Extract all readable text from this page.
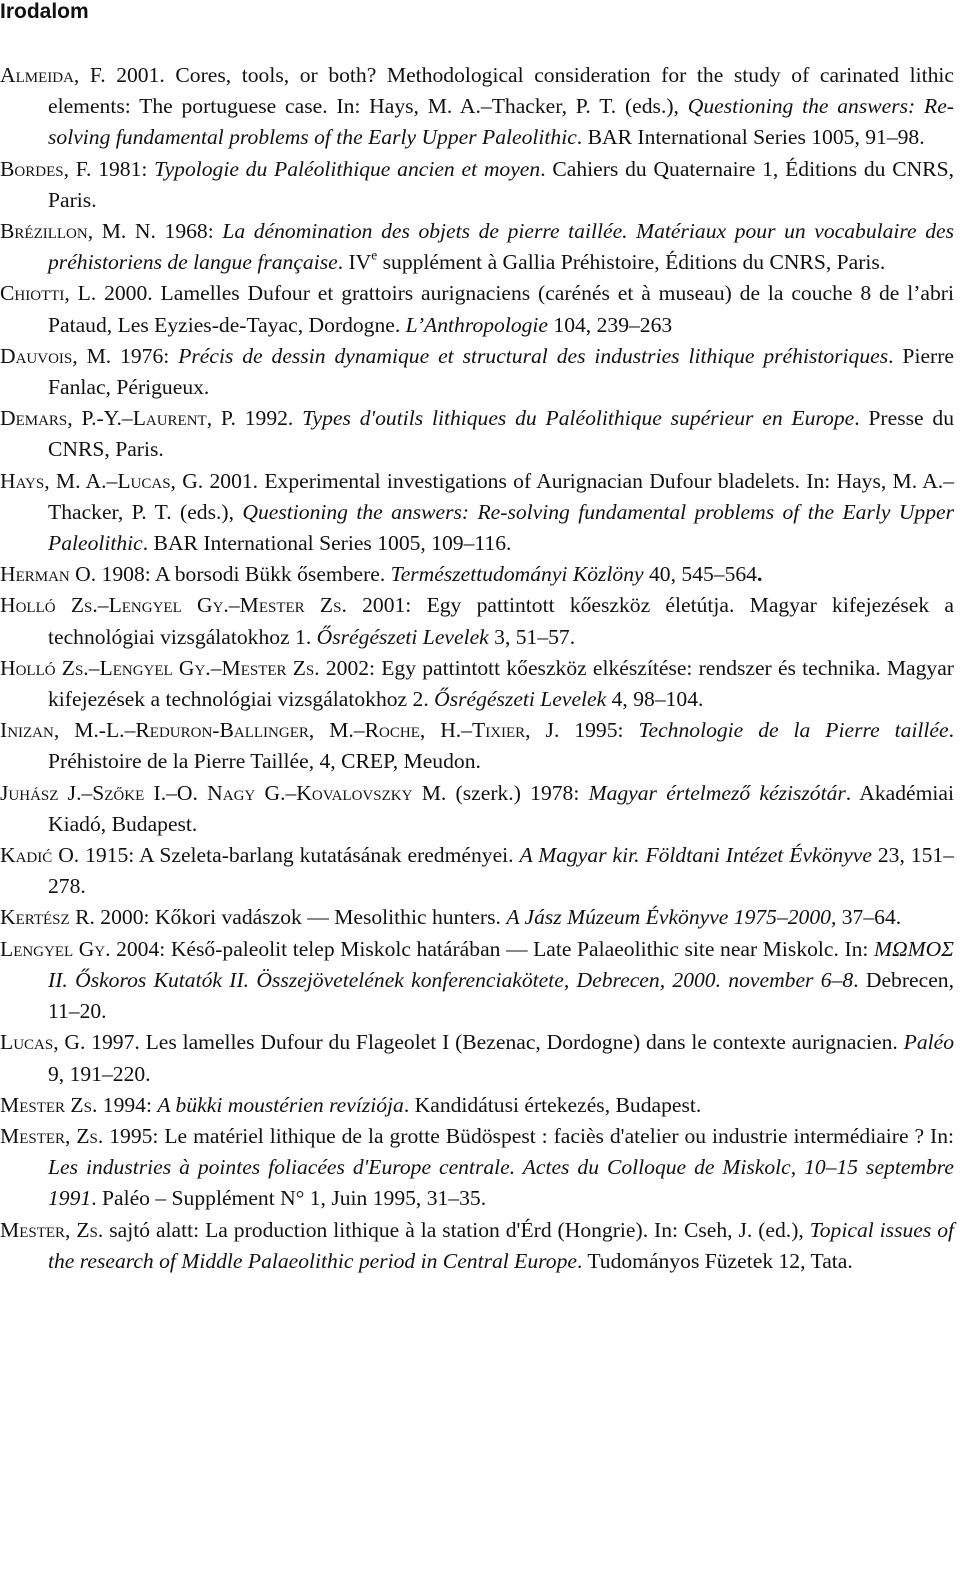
Irodalom

Almeida, F. 2001. Cores, tools, or both? Methodological consideration for the study of carinated lithic elements: The portuguese case. In: Hays, M. A.–Thacker, P. T. (eds.), Questioning the answers: Re-solving fundamental problems of the Early Upper Paleolithic. BAR International Series 1005, 91–98.

Bordes, F. 1981: Typologie du Paléolithique ancien et moyen. Cahiers du Quaternaire 1, Éditions du CNRS, Paris.

Brézillon, M. N. 1968: La dénomination des objets de pierre taillée. Matériaux pour un vocabulaire des préhistoriens de langue française. IVe supplément à Gallia Préhistoire, Éditions du CNRS, Paris.

Chiotti, L. 2000. Lamelles Dufour et grattoirs aurignaciens (carénés et à museau) de la couche 8 de l’abri Pataud, Les Eyzies-de-Tayac, Dordogne. L’Anthropologie 104, 239–263

Dauvois, M. 1976: Précis de dessin dynamique et structural des industries lithique préhistoriques. Pierre Fanlac, Périgueux.

Demars, P.-Y.–Laurent, P. 1992. Types d'outils lithiques du Paléolithique supérieur en Europe. Presse du CNRS, Paris.

Hays, M. A.–Lucas, G. 2001. Experimental investigations of Aurignacian Dufour bladelets. In: Hays, M. A.–Thacker, P. T. (eds.), Questioning the answers: Re-solving fundamental problems of the Early Upper Paleolithic. BAR International Series 1005, 109–116.

Herman O. 1908: A borsodi Bükk ősembere. Természettudományi Közlöny 40, 545–564.

Holló Zs.–Lengyel Gy.–Mester Zs. 2001: Egy pattintott kőeszköz életútja. Magyar kifejezések a technológiai vizsgálatokhoz 1. Ősrégészeti Levelek 3, 51–57.

Holló Zs.–Lengyel Gy.–Mester Zs. 2002: Egy pattintott kőeszköz elkészítése: rendszer és technika. Magyar kifejezések a technológiai vizsgálatokhoz 2. Ősrégészeti Levelek 4, 98–104.

Inizan, M.-L.–Reduron-Ballinger, M.–Roche, H.–Tixier, J. 1995: Technologie de la Pierre taillée. Préhistoire de la Pierre Taillée, 4, CREP, Meudon.

Juhász J.–Szőke I.–O. Nagy G.–Kovalovszky M. (szerk.) 1978: Magyar értelmező kéziszótár. Akadémiai Kiadó, Budapest.

Kadić O. 1915: A Szeleta-barlang kutatásának eredményei. A Magyar kir. Földtani Intézet Évkönyve 23, 151–278.

Kertész R. 2000: Kőkori vadászok — Mesolithic hunters. A Jász Múzeum Évkönyve 1975–2000, 37–64.

Lengyel Gy. 2004: Késő-paleolit telep Miskolc határában — Late Palaeolithic site near Miskolc. In: ΜΩΜΟΣ II. Őskoros Kutatók II. Összejövetelének konferenciakötete, Debrecen, 2000. november 6–8. Debrecen, 11–20.

Lucas, G. 1997. Les lamelles Dufour du Flageolet I (Bezenac, Dordogne) dans le contexte aurignacien. Paléo 9, 191–220.

Mester Zs. 1994: A bükki moustérien revíziója. Kandidátusi értekezés, Budapest.

Mester, Zs. 1995: Le matériel lithique de la grotte Büdöspest : faciès d'atelier ou industrie intermédiaire ? In: Les industries à pointes foliacées d'Europe centrale. Actes du Colloque de Miskolc, 10–15 septembre 1991. Paléo – Supplément N° 1, Juin 1995, 31–35.

Mester, Zs. sajtó alatt: La production lithique à la station d'Érd (Hongrie). In: Cseh, J. (ed.), Topical issues of the research of Middle Palaeolithic period in Central Europe. Tudományos Füzetek 12, Tata.
